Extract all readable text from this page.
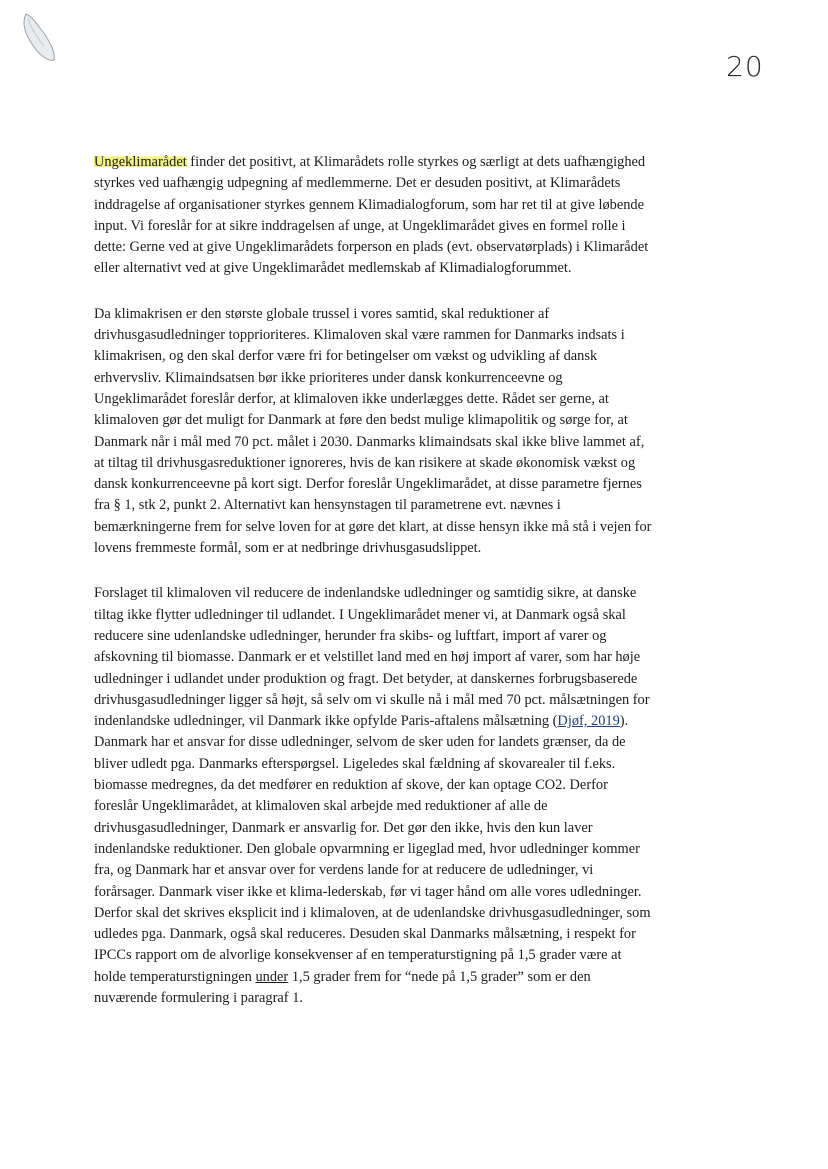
20

Ungeklimarådet finder det positivt, at Klimarådets rolle styrkes og særligt at dets uafhængighed
styrkes ved uafhængig udpegning af medlemmerne. Det er desuden positivt, at Klimarådets
inddragelse af organisationer styrkes gennem Klimadialogforum, som har ret til at give løbende
input. Vi foreslår for at sikre inddragelsen af unge, at Ungeklimarådet gives en formel rolle i
dette: Gerne ved at give Ungeklimarådets forperson en plads (evt. observatørplads) i Klimarådet
eller alternativt ved at give Ungeklimarådet medlemskab af Klimadialogforummet.

Da klimakrisen er den største globale trussel i vores samtid, skal reduktioner af
drivhusgasudledninger topprioriteres. Klimaloven skal være rammen for Danmarks indsats i
klimakrisen, og den skal derfor være fri for betingelser om vækst og udvikling af dansk
erhvervsliv. Klimaindsatsen bør ikke prioriteres under dansk konkurrenceevne og
Ungeklimarådet foreslår derfor, at klimaloven ikke underlægges dette. Rådet ser gerne, at
klimaloven gør det muligt for Danmark at føre den bedst mulige klimapolitik og sørge for, at
Danmark når i mål med 70 pct. målet i 2030. Danmarks klimaindsats skal ikke blive lammet af,
at tiltag til drivhusgasreduktioner ignoreres, hvis de kan risikere at skade økonomisk vækst og
dansk konkurrenceevne på kort sigt. Derfor foreslår Ungeklimarådet, at disse parametre fjernes
fra § 1, stk 2, punkt 2. Alternativt kan hensynstagen til parametrene evt. nævnes i
bemærkningerne frem for selve loven for at gøre det klart, at disse hensyn ikke må stå i vejen for
lovens fremmeste formål, som er at nedbringe drivhusgasudslippet.

Forslaget til klimaloven vil reducere de indenlandske udledninger og samtidig sikre, at danske
tiltag ikke flytter udledninger til udlandet. I Ungeklimarådet mener vi, at Danmark også skal
reducere sine udenlandske udledninger, herunder fra skibs- og luftfart, import af varer og
afskovning til biomasse. Danmark er et velstillet land med en høj import af varer, som har høje
udledninger i udlandet under produktion og fragt. Det betyder, at danskernes forbrugsbaserede
drivhusgasudledninger ligger så højt, så selv om vi skulle nå i mål med 70 pct. målsætningen for
indenlandske udledninger, vil Danmark ikke opfylde Paris-aftalens målsætning (Djøf, 2019).
Danmark har et ansvar for disse udledninger, selvom de sker uden for landets grænser, da de
bliver udledt pga. Danmarks efterspørgsel. Ligeledes skal fældning af skovarealer til f.eks.
biomasse medregnes, da det medfører en reduktion af skove, der kan optage CO2. Derfor
foreslår Ungeklimarådet, at klimaloven skal arbejde med reduktioner af alle de
drivhusgasudledninger, Danmark er ansvarlig for. Det gør den ikke, hvis den kun laver
indenlandske reduktioner. Den globale opvarmning er ligeglad med, hvor udledninger kommer
fra, og Danmark har et ansvar over for verdens lande for at reducere de udledninger, vi
forårsager. Danmark viser ikke et klima-lederskab, før vi tager hånd om alle vores udledninger.
Derfor skal det skrives eksplicit ind i klimaloven, at de udenlandske drivhusgasudledninger, som
udledes pga. Danmark, også skal reduceres. Desuden skal Danmarks målsætning, i respekt for
IPCCs rapport om de alvorlige konsekvenser af en temperaturstigning på 1,5 grader være at
holde temperaturstigningen under 1,5 grader frem for “nede på 1,5 grader” som er den
nuværende formulering i paragraf 1.
